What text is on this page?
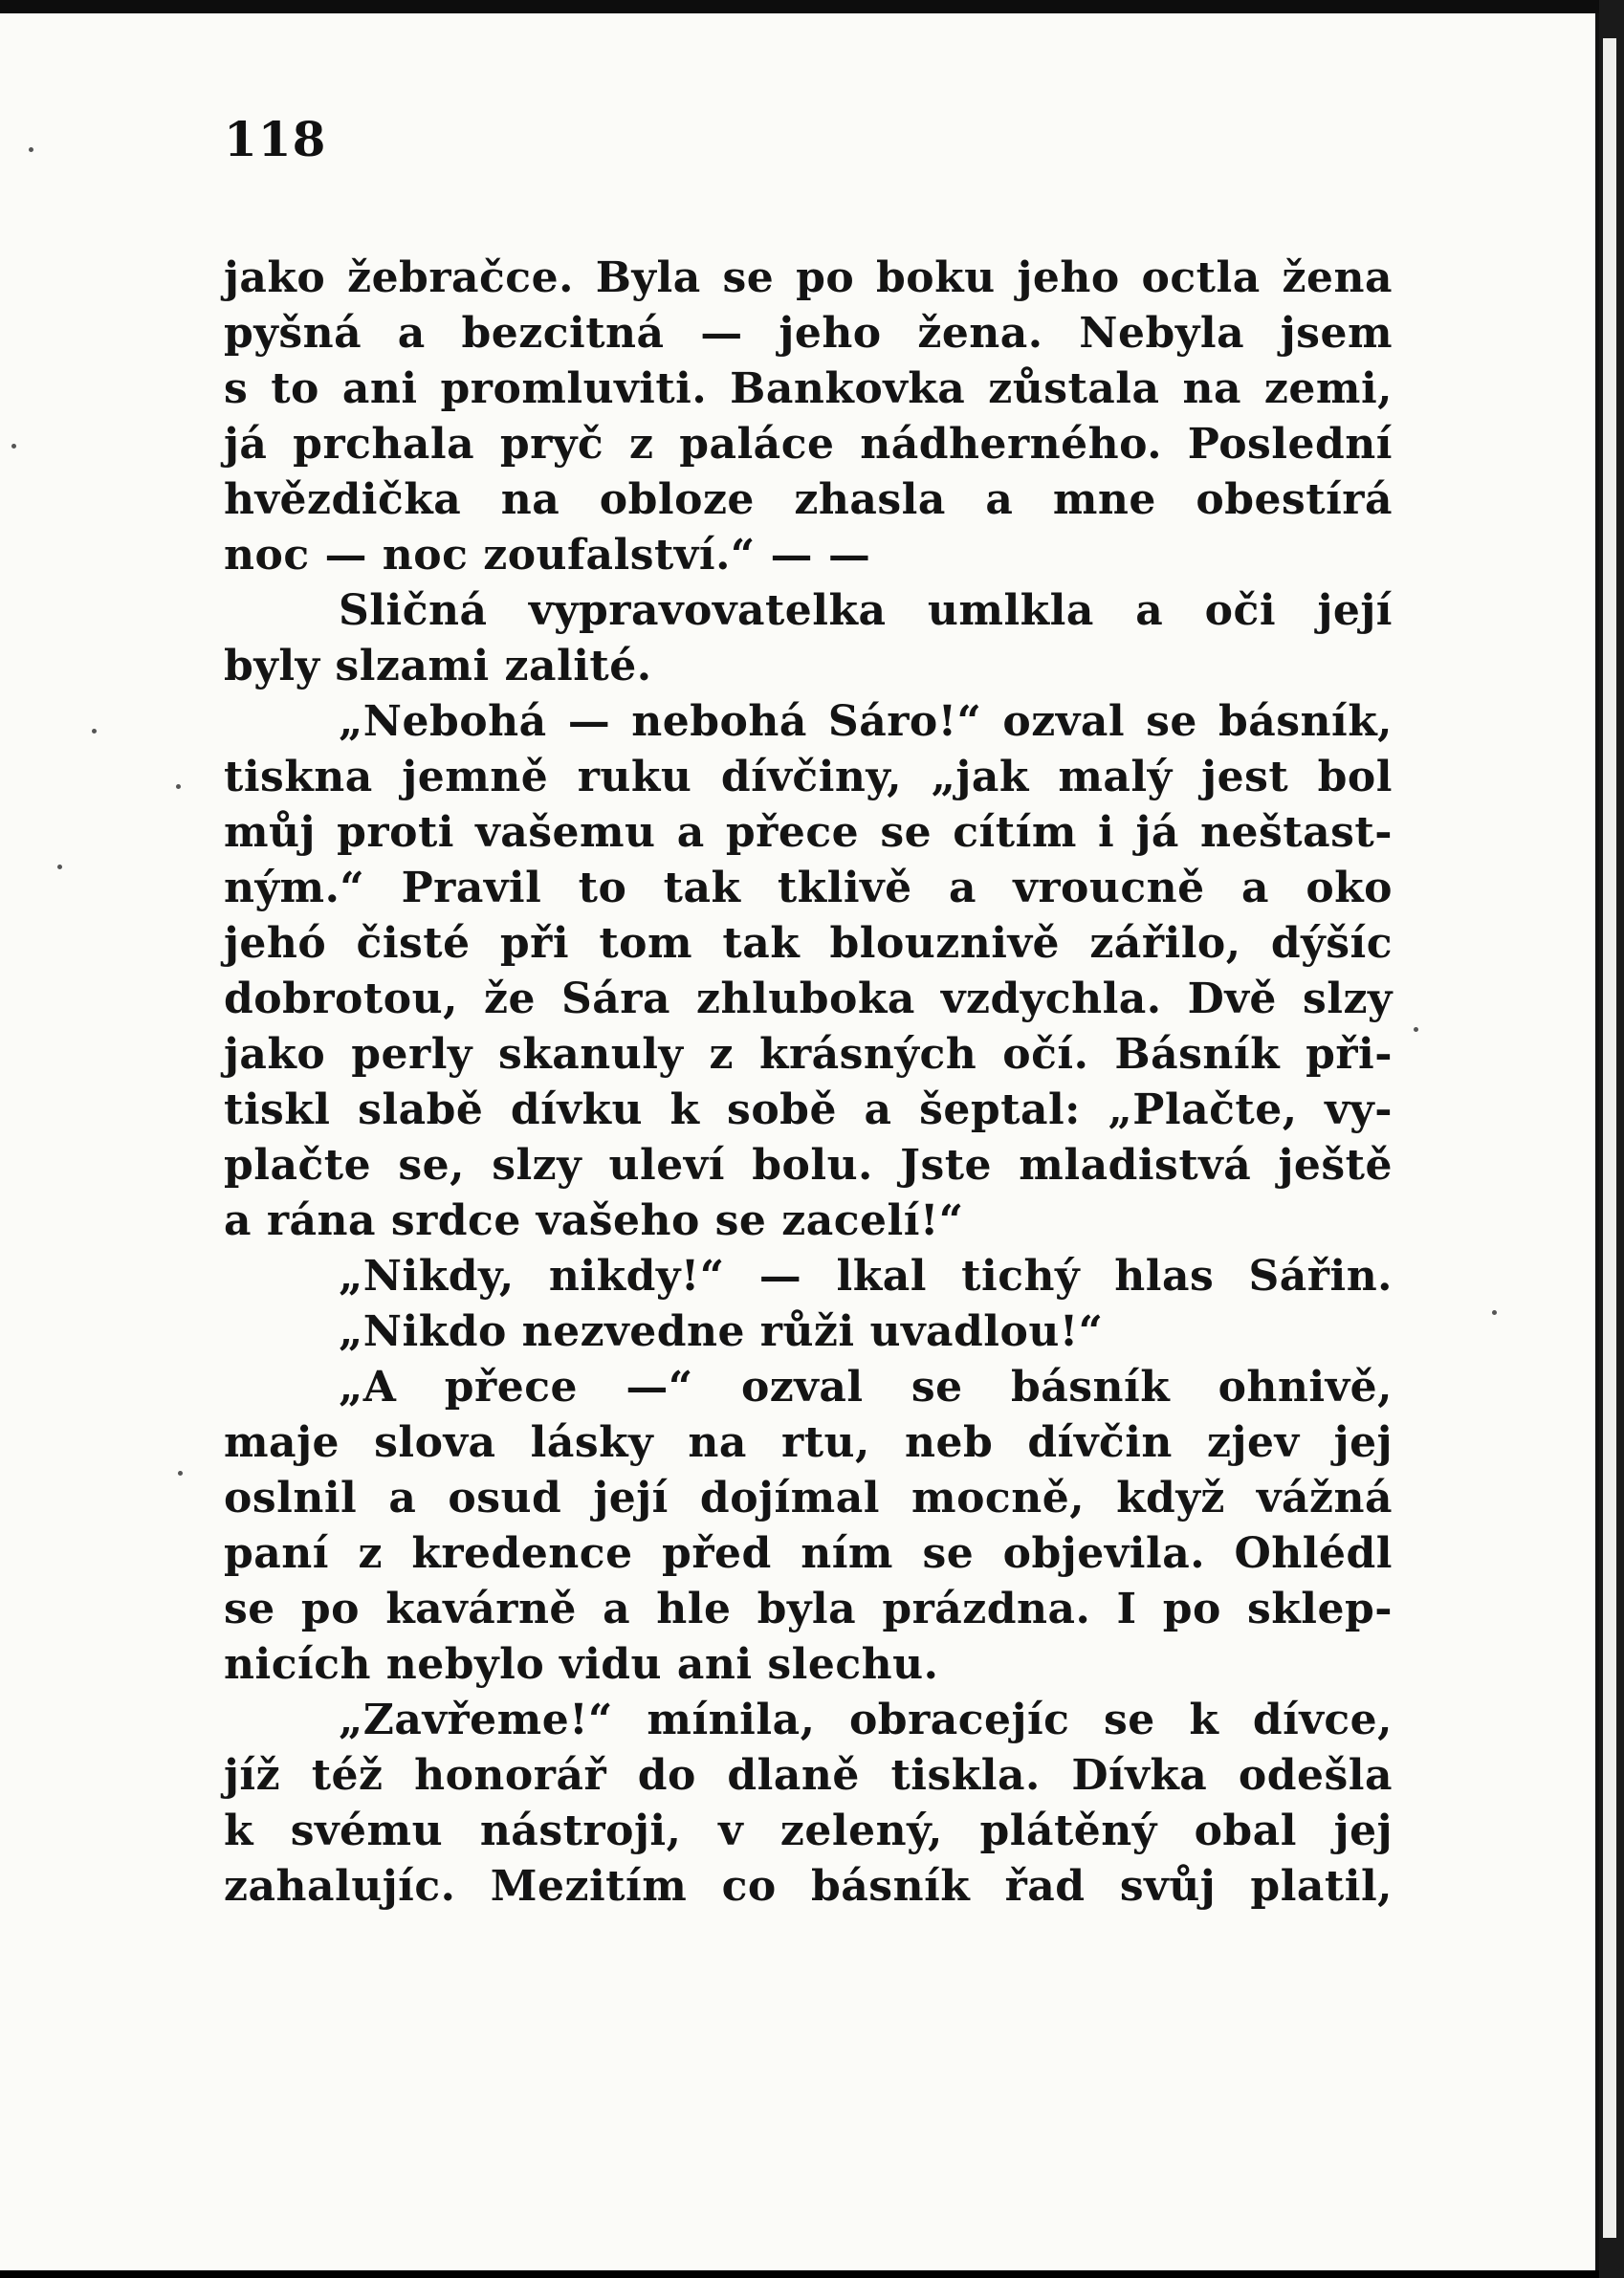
118
jako žebračce. Byla se po boku jeho octla žena
pyšná a bezcitná — jeho žena. Nebyla jsem
s to ani promluviti. Bankovka zůstala na zemi,
já prchala pryč z paláce nádherného. Poslední
hvězdička na obloze zhasla a mne obestírá
noc — noc zoufalství.“ — —
Sličná vypravovatelka umlkla a oči její
byly slzami zalité.
„Nebohá — nebohá Sáro!“ ozval se básník,
tiskna jemně ruku dívčiny, „jak malý jest bol
můj proti vašemu a přece se cítím i já neštast-
ným.“ Pravil to tak tklivě a vroucně a oko
jehó čisté při tom tak blouznivě zářilo, dýšíc
dobrotou, že Sára zhluboka vzdychla. Dvě slzy
jako perly skanuly z krásných očí. Básník při-
tiskl slabě dívku k sobě a šeptal: „Plačte, vy-
plačte se, slzy uleví bolu. Jste mladistvá ještě
a rána srdce vašeho se zacelí!“
„Nikdy, nikdy!“ — lkal tichý hlas Sářin.
„Nikdo nezvedne růži uvadlou!“
„A přece —“ ozval se básník ohnivě,
maje slova lásky na rtu, neb dívčin zjev jej
oslnil a osud její dojímal mocně, když vážná
paní z kredence před ním se objevila. Ohlédl
se po kavárně a hle byla prázdna. I po sklep-
nicích nebylo vidu ani slechu.
„Zavřeme!“ mínila, obracejíc se k dívce,
jíž též honorář do dlaně tiskla. Dívka odešla
k svému nástroji, v zelený, plátěný obal jej
zahalujíc. Mezitím co básník řad svůj platil,
